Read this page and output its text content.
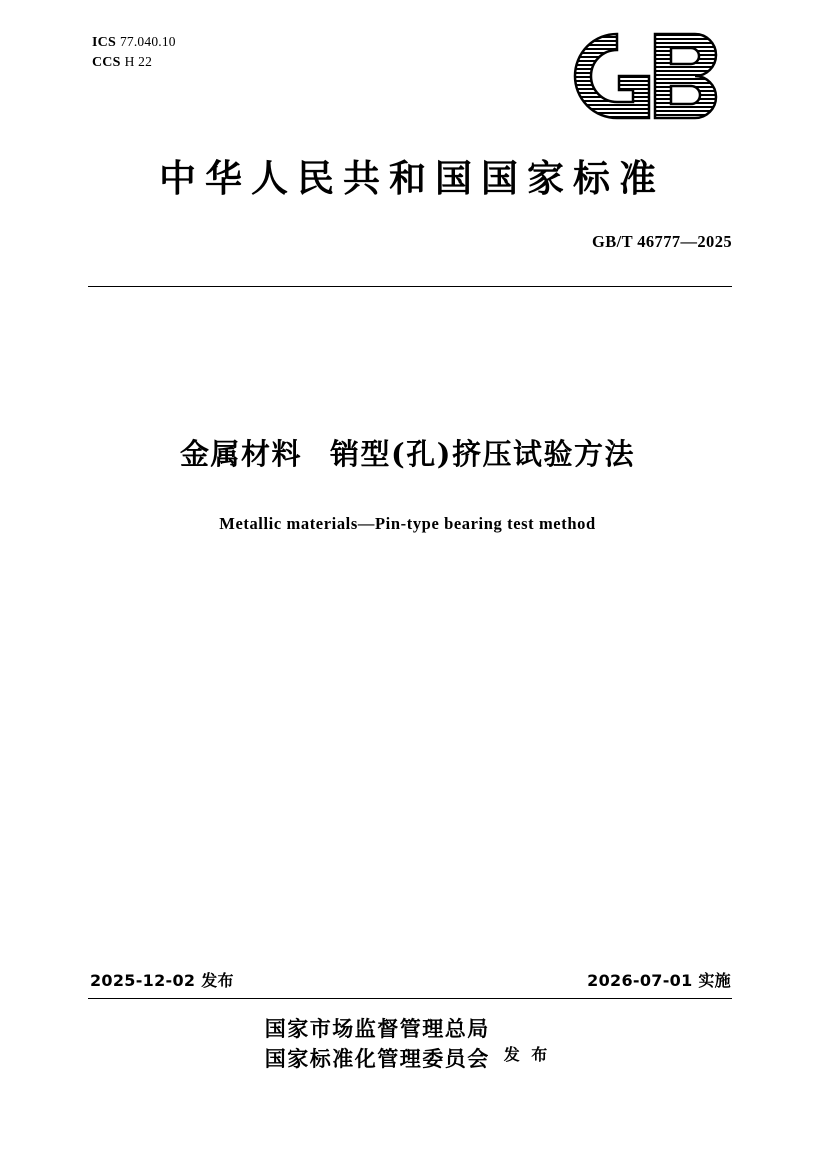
ICS 77.040.10
CCS H 22
中华人民共和国国家标准
GB/T 46777—2025
金属材料 销型(孔)挤压试验方法
Metallic materials—Pin-type bearing test method
2025-12-02 发布	2026-07-01 实施
国家市场监督管理总局
国家标准化管理委员会 发 布
